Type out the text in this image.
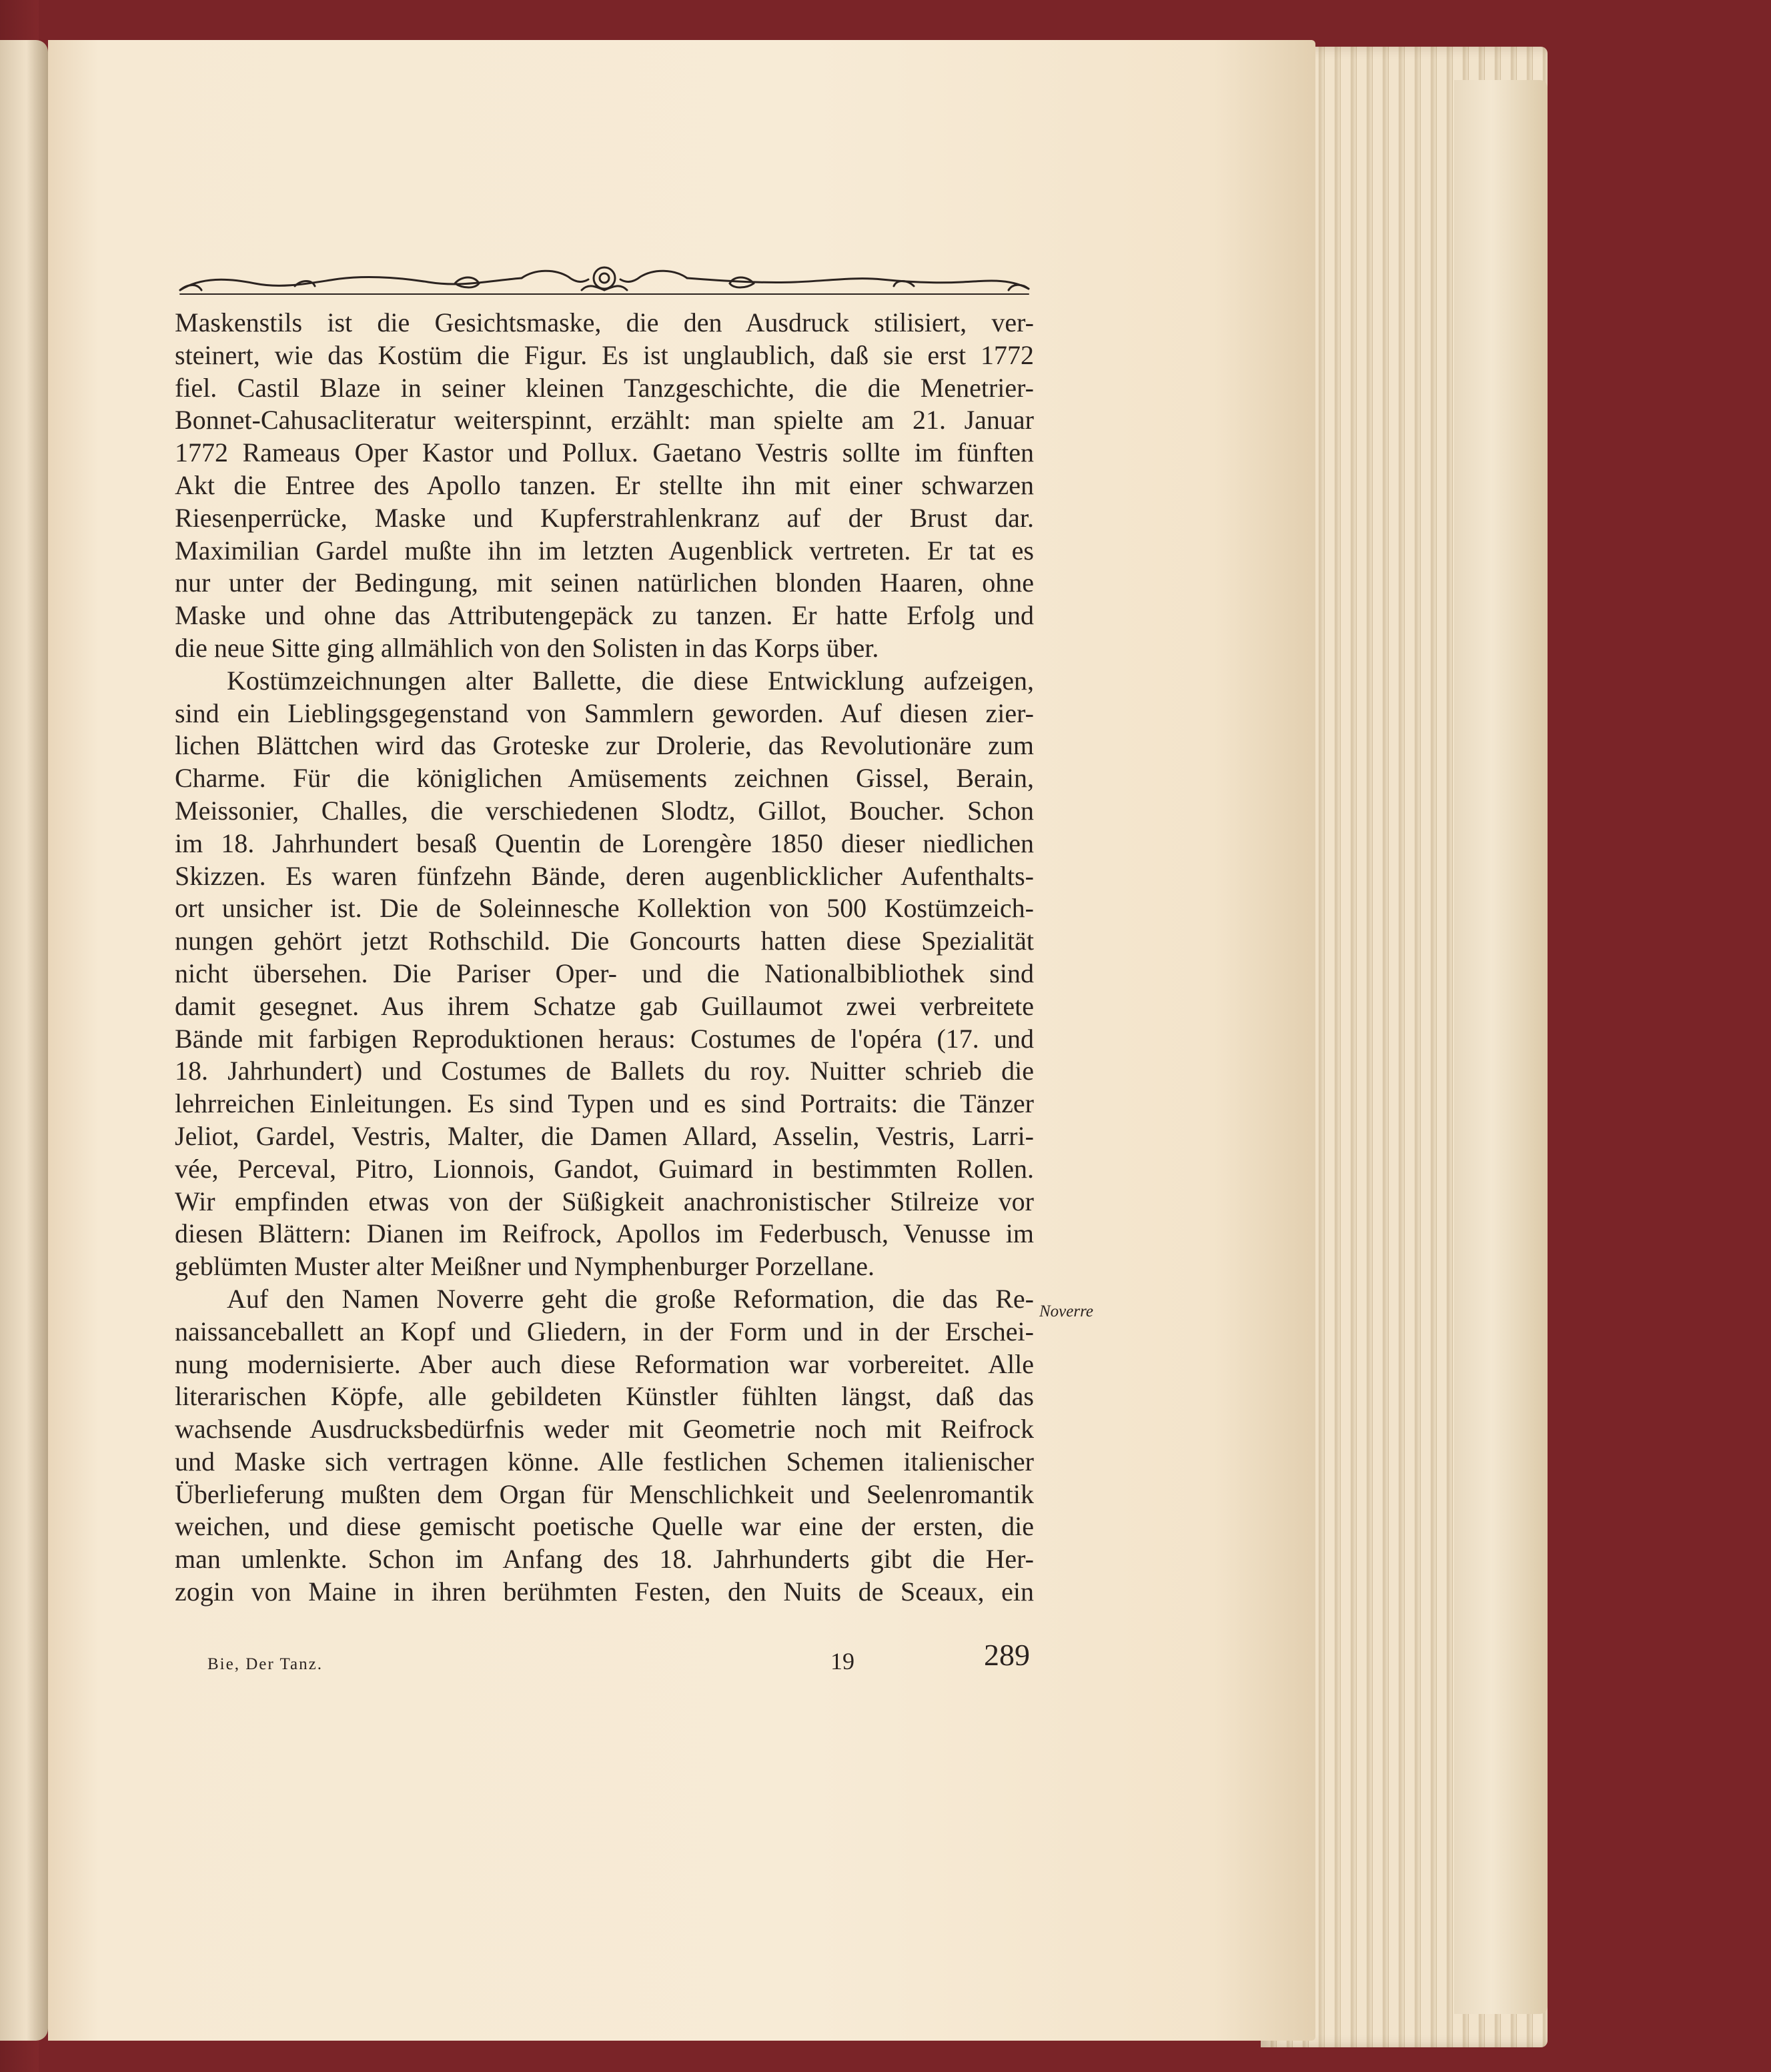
Maskenstils ist die Gesichtsmaske, die den Ausdruck stilisiert, ver-
steinert, wie das Kostüm die Figur. Es ist unglaublich, daß sie erst 1772
fiel. Castil Blaze in seiner kleinen Tanzgeschichte, die die Menetrier-
Bonnet-Cahusacliteratur weiterspinnt, erzählt: man spielte am 21. Januar
1772 Rameaus Oper Kastor und Pollux. Gaetano Vestris sollte im fünften
Akt die Entree des Apollo tanzen. Er stellte ihn mit einer schwarzen
Riesenperrücke, Maske und Kupferstrahlenkranz auf der Brust dar.
Maximilian Gardel mußte ihn im letzten Augenblick vertreten. Er tat es
nur unter der Bedingung, mit seinen natürlichen blonden Haaren, ohne
Maske und ohne das Attributengepäck zu tanzen. Er hatte Erfolg und
die neue Sitte ging allmählich von den Solisten in das Korps über.
Kostümzeichnungen alter Ballette, die diese Entwicklung aufzeigen,
sind ein Lieblingsgegenstand von Sammlern geworden. Auf diesen zier-
lichen Blättchen wird das Groteske zur Drolerie, das Revolutionäre zum
Charme. Für die königlichen Amüsements zeichnen Gissel, Berain,
Meissonier, Challes, die verschiedenen Slodtz, Gillot, Boucher. Schon
im 18. Jahrhundert besaß Quentin de Lorengère 1850 dieser niedlichen
Skizzen. Es waren fünfzehn Bände, deren augenblicklicher Aufenthalts-
ort unsicher ist. Die de Soleinnesche Kollektion von 500 Kostümzeich-
nungen gehört jetzt Rothschild. Die Goncourts hatten diese Spezialität
nicht übersehen. Die Pariser Oper- und die Nationalbibliothek sind
damit gesegnet. Aus ihrem Schatze gab Guillaumot zwei verbreitete
Bände mit farbigen Reproduktionen heraus: Costumes de l'opéra (17. und
18. Jahrhundert) und Costumes de Ballets du roy. Nuitter schrieb die
lehrreichen Einleitungen. Es sind Typen und es sind Portraits: die Tänzer
Jeliot, Gardel, Vestris, Malter, die Damen Allard, Asselin, Vestris, Larri-
vée, Perceval, Pitro, Lionnois, Gandot, Guimard in bestimmten Rollen.
Wir empfinden etwas von der Süßigkeit anachronistischer Stilreize vor
diesen Blättern: Dianen im Reifrock, Apollos im Federbusch, Venusse im
geblümten Muster alter Meißner und Nymphenburger Porzellane.
Auf den Namen Noverre geht die große Reformation, die das Re-
naissanceballett an Kopf und Gliedern, in der Form und in der Erschei-
nung modernisierte. Aber auch diese Reformation war vorbereitet. Alle
literarischen Köpfe, alle gebildeten Künstler fühlten längst, daß das
wachsende Ausdrucksbedürfnis weder mit Geometrie noch mit Reifrock
und Maske sich vertragen könne. Alle festlichen Schemen italienischer
Überlieferung mußten dem Organ für Menschlichkeit und Seelenromantik
weichen, und diese gemischt poetische Quelle war eine der ersten, die
man umlenkte. Schon im Anfang des 18. Jahrhunderts gibt die Her-
zogin von Maine in ihren berühmten Festen, den Nuits de Sceaux, ein
Noverre
Bie, Der Tanz.	19	289
